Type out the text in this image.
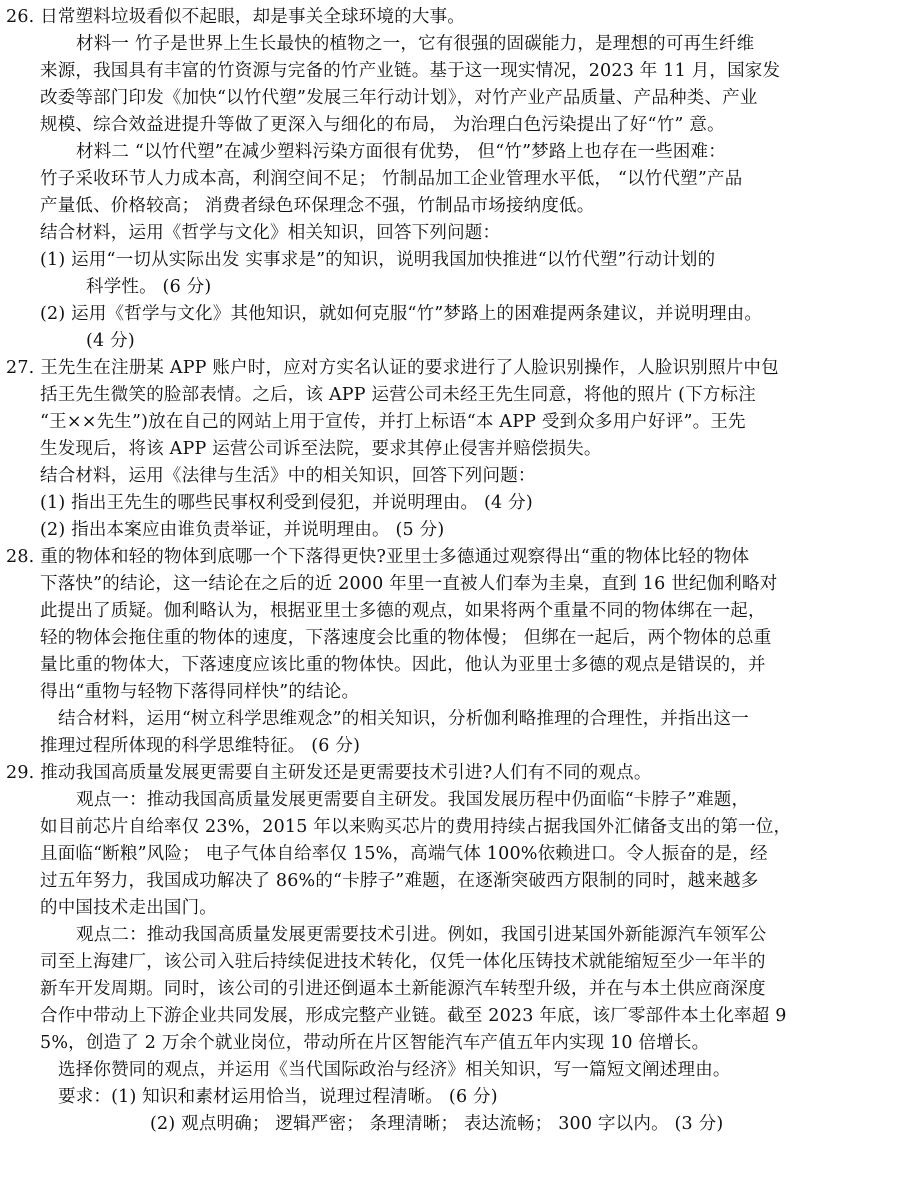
26. 日常塑料垃圾看似不起眼，却是事关全球环境的大事。
材料一 竹子是世界上生长最快的植物之一，它有很强的固碳能力，是理想的可再生纤维
来源，我国具有丰富的竹资源与完备的竹产业链。基于这一现实情况，2023 年 11 月，国家发
改委等部门印发《加快“以竹代塑”发展三年行动计划》，对竹产业产品质量、产品种类、产业
规模、综合效益进提升等做了更深入与细化的布局， 为治理白色污染提出了好“竹” 意。
材料二 “以竹代塑”在减少塑料污染方面很有优势， 但“竹”梦路上也存在一些困难：
竹子采收环节人力成本高，利润空间不足； 竹制品加工企业管理水平低， “以竹代塑”产品
产量低、价格较高； 消费者绿色环保理念不强，竹制品市场接纳度低。
结合材料，运用《哲学与文化》相关知识，回答下列问题：
(1) 运用“一切从实际出发 实事求是”的知识，说明我国加快推进“以竹代塑”行动计划的
科学性。 (6 分)
(2) 运用《哲学与文化》其他知识，就如何克服“竹”梦路上的困难提两条建议，并说明理由。
(4 分)
27. 王先生在注册某 APP 账户时，应对方实名认证的要求进行了人脸识别操作，人脸识别照片中包
括王先生微笑的脸部表情。之后，该 APP 运营公司未经王先生同意，将他的照片 (下方标注
“王××先生”)放在自己的网站上用于宣传，并打上标语“本 APP 受到众多用户好评”。王先
生发现后，将该 APP 运营公司诉至法院，要求其停止侵害并赔偿损失。
结合材料，运用《法律与生活》中的相关知识，回答下列问题：
(1) 指出王先生的哪些民事权利受到侵犯，并说明理由。 (4 分)
(2) 指出本案应由谁负责举证，并说明理由。 (5 分)
28. 重的物体和轻的物体到底哪一个下落得更快?亚里士多德通过观察得出“重的物体比轻的物体
下落快”的结论，这一结论在之后的近 2000 年里一直被人们奉为圭臬，直到 16 世纪伽利略对
此提出了质疑。伽利略认为，根据亚里士多德的观点，如果将两个重量不同的物体绑在一起，
轻的物体会拖住重的物体的速度，下落速度会比重的物体慢； 但绑在一起后，两个物体的总重
量比重的物体大，下落速度应该比重的物体快。因此，他认为亚里士多德的观点是错误的，并
得出“重物与轻物下落得同样快”的结论。
结合材料，运用“树立科学思维观念”的相关知识，分析伽利略推理的合理性，并指出这一
推理过程所体现的科学思维特征。 (6 分)
29. 推动我国高质量发展更需要自主研发还是更需要技术引进?人们有不同的观点。
观点一：推动我国高质量发展更需要自主研发。我国发展历程中仍面临“卡脖子”难题，
如目前芯片自给率仅 23%，2015 年以来购买芯片的费用持续占据我国外汇储备支出的第一位，
且面临“断粮”风险； 电子气体自给率仅 15%，高端气体 100%依赖进口。令人振奋的是，经
过五年努力，我国成功解决了 86%的“卡脖子”难题，在逐渐突破西方限制的同时，越来越多
的中国技术走出国门。
观点二：推动我国高质量发展更需要技术引进。例如，我国引进某国外新能源汽车领军公
司至上海建厂，该公司入驻后持续促进技术转化，仅凭一体化压铸技术就能缩短至少一年半的
新车开发周期。同时，该公司的引进还倒逼本土新能源汽车转型升级，并在与本土供应商深度
合作中带动上下游企业共同发展，形成完整产业链。截至 2023 年底，该厂零部件本土化率超 9
5%，创造了 2 万余个就业岗位，带动所在片区智能汽车产值五年内实现 10 倍增长。
选择你赞同的观点，并运用《当代国际政治与经济》相关知识，写一篇短文阐述理由。
要求：(1) 知识和素材运用恰当，说理过程清晰。 (6 分)
(2) 观点明确； 逻辑严密； 条理清晰； 表达流畅； 300 字以内。 (3 分)
